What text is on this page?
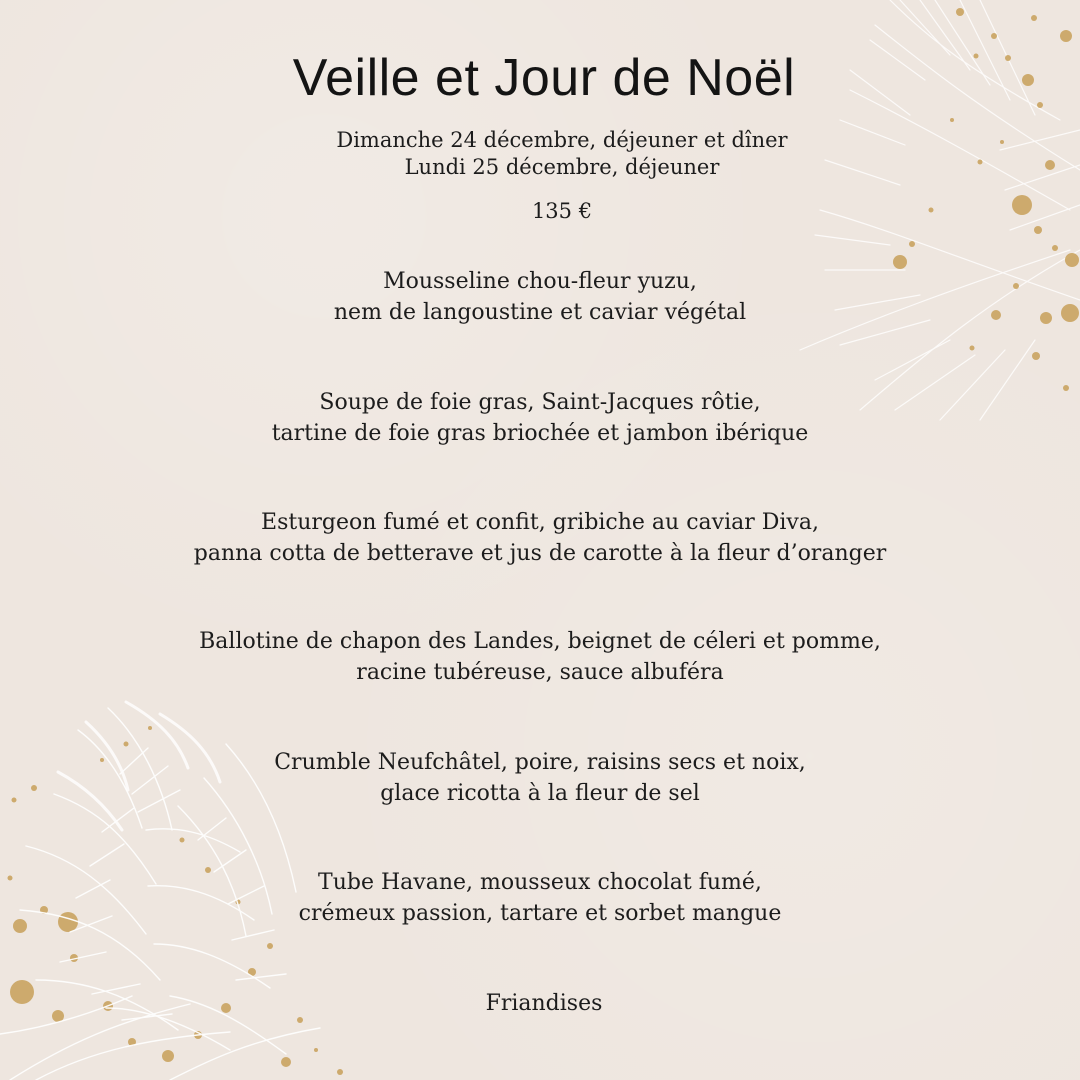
Veille et Jour de Noël
Dimanche 24 décembre, déjeuner et dîner
Lundi 25 décembre, déjeuner
135 €
Mousseline chou-fleur yuzu,
nem de langoustine et caviar végétal
Soupe de foie gras, Saint-Jacques rôtie,
tartine de foie gras briochée et jambon ibérique
Esturgeon fumé et confit, gribiche au caviar Diva,
panna cotta de betterave et jus de carotte à la fleur d’oranger
Ballotine de chapon des Landes, beignet de céleri et pomme,
racine tubéreuse, sauce albuféra
Crumble Neufchâtel, poire, raisins secs et noix,
glace ricotta à la fleur de sel
Tube Havane, mousseux chocolat fumé,
crémeux passion, tartare et sorbet mangue
Friandises
